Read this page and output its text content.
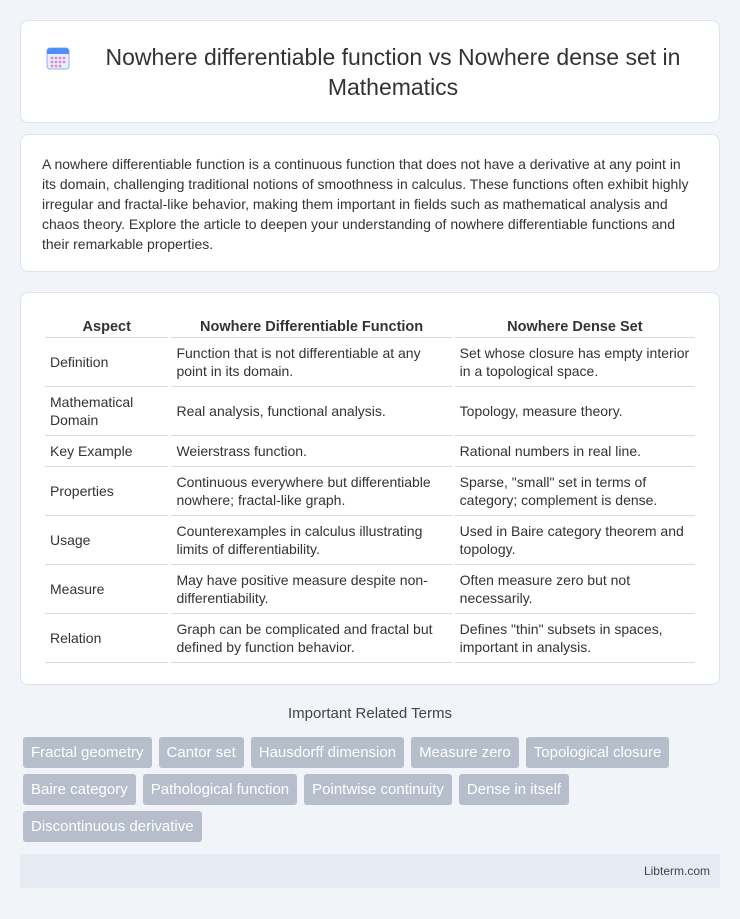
Nowhere differentiable function vs Nowhere dense set in Mathematics

A nowhere differentiable function is a continuous function that does not have a derivative at any point in its domain, challenging traditional notions of smoothness in calculus. These functions often exhibit highly irregular and fractal-like behavior, making them important in fields such as mathematical analysis and chaos theory. Explore the article to deepen your understanding of nowhere differentiable functions and their remarkable properties.

Aspect	Nowhere Differentiable Function	Nowhere Dense Set
Definition	Function that is not differentiable at any point in its domain.	Set whose closure has empty interior in a topological space.
Mathematical Domain	Real analysis, functional analysis.	Topology, measure theory.
Key Example	Weierstrass function.	Rational numbers in real line.
Properties	Continuous everywhere but differentiable nowhere; fractal-like graph.	Sparse, "small" set in terms of category; complement is dense.
Usage	Counterexamples in calculus illustrating limits of differentiability.	Used in Baire category theorem and topology.
Measure	May have positive measure despite non-differentiability.	Often measure zero but not necessarily.
Relation	Graph can be complicated and fractal but defined by function behavior.	Defines "thin" subsets in spaces, important in analysis.
Important Related Terms
Fractal geometry	Cantor set	Hausdorff dimension	Measure zero	Topological closure
Baire category	Pathological function	Pointwise continuity	Dense in itself
Discontinuous derivative
Libterm.com
